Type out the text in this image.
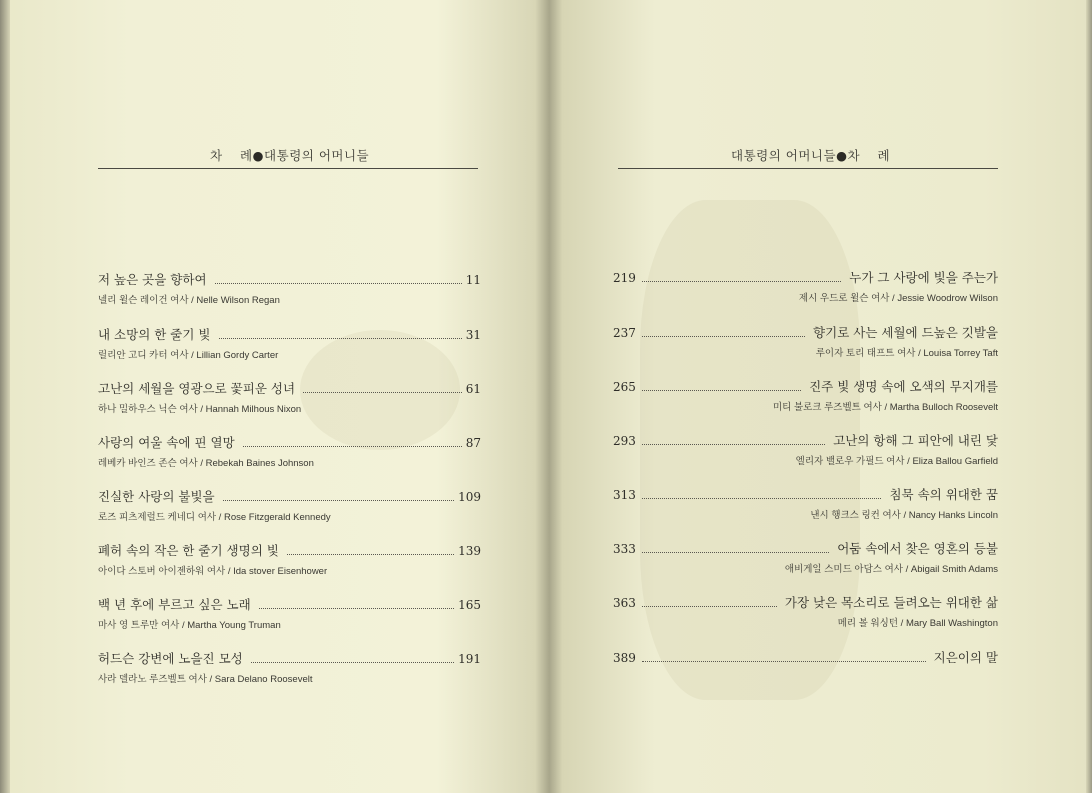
차　 례●대통령의 어머니들
저 높은 곳을 향하여	11
넬리 윌슨 레이건 여사 / Nelle Wilson Regan
내 소망의 한 줄기 빛	31
릴리안 고디 카터 여사 / Lillian Gordy Carter
고난의 세월을 영광으로 꽃피운 성녀	61
하나 밀하우스 닉슨 여사 / Hannah Milhous Nixon
사랑의 여울 속에 핀 열망	87
레베카 바인즈 존슨 여사 / Rebekah Baines Johnson
진실한 사랑의 불빛을	109
로즈 피츠제럴드 케네디 여사 / Rose Fitzgerald Kennedy
폐허 속의 작은 한 줄기 생명의 빛	139
아이다 스토버 아이젠하워 여사 / Ida stover Eisenhower
백 년 후에 부르고 싶은 노래	165
마사 영 트루만 여사 / Martha Young Truman
허드슨 강변에 노을진 모성	191
사라 델라노 루즈벨트 여사 / Sara Delano Roosevelt
대통령의 어머니들●차　 례
219	누가 그 사랑에 빛을 주는가
제시 우드로 윌슨 여사 / Jessie Woodrow Wilson
237	향기로 사는 세월에 드높은 깃발을
루이자 토리 태프트 여사 / Louisa Torrey Taft
265	진주 빛 생명 속에 오색의 무지개를
미티 불로크 루즈벨트 여사 / Martha Bulloch Roosevelt
293	고난의 항해 그 피안에 내린 닻
엘리자 밸로우 가필드 여사 / Eliza Ballou Garfield
313	침묵 속의 위대한 꿈
낸시 행크스 링컨 여사 / Nancy Hanks Lincoln
333	어둠 속에서 찾은 영혼의 등불
애비게일 스미드 아담스 여사 / Abigail Smith Adams
363	가장 낮은 목소리로 들려오는 위대한 삶
메리 볼 워싱턴 / Mary Ball Washington
389	지은이의 말
